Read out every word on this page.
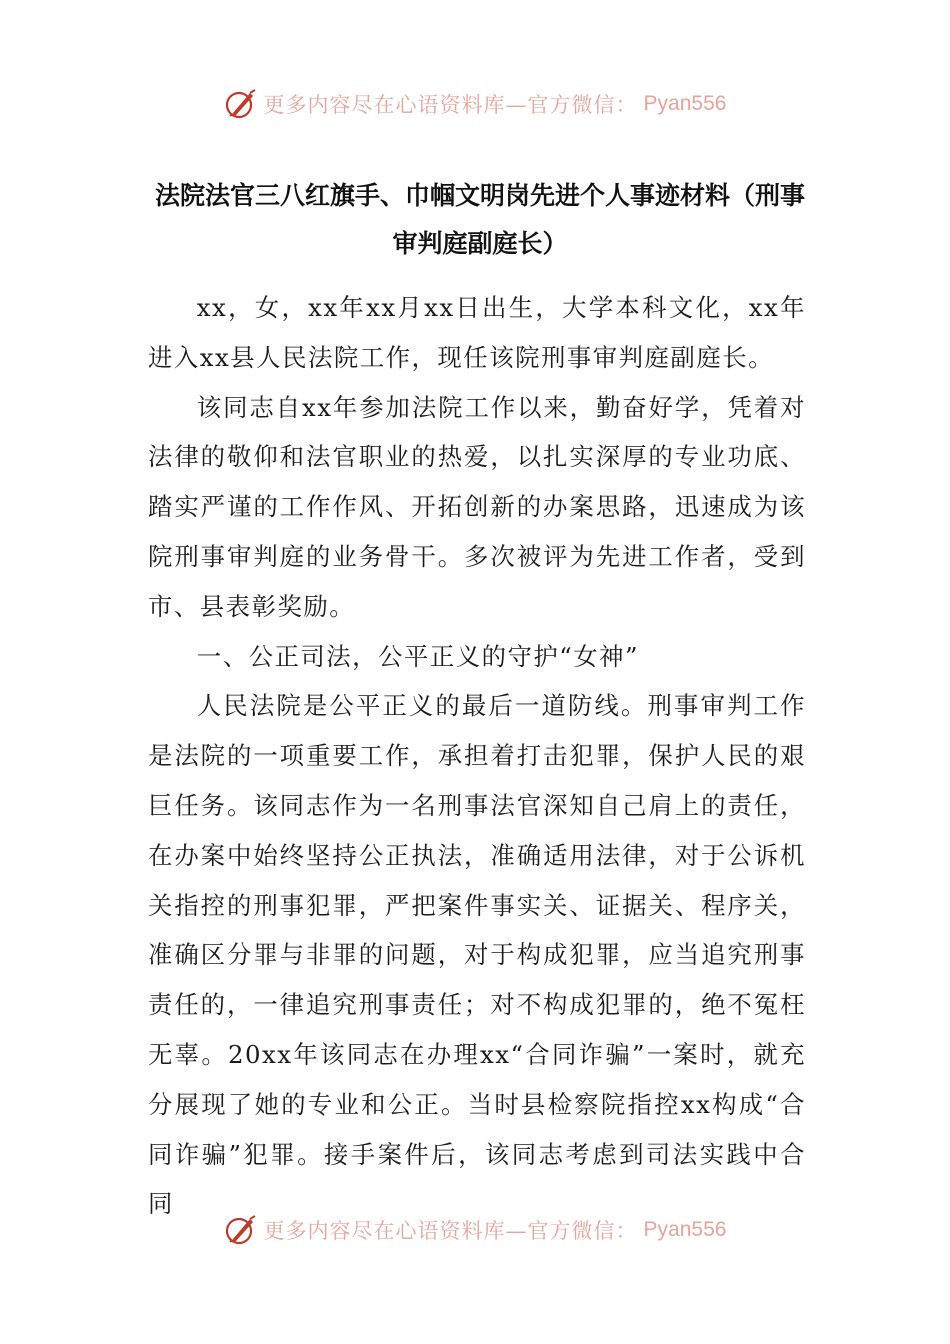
更多内容尽在心语资料库—官方微信： Pyan556
法院法官三八红旗手、巾帼文明岗先进个人事迹材料（刑事审判庭副庭长）

xx，女，xx年xx月xx日出生，大学本科文化，xx年进入xx县人民法院工作，现任该院刑事审判庭副庭长。

该同志自xx年参加法院工作以来，勤奋好学，凭着对法律的敬仰和法官职业的热爱，以扎实深厚的专业功底、踏实严谨的工作作风、开拓创新的办案思路，迅速成为该院刑事审判庭的业务骨干。多次被评为先进工作者，受到市、县表彰奖励。

一、公正司法，公平正义的守护“女神”

人民法院是公平正义的最后一道防线。刑事审判工作是法院的一项重要工作，承担着打击犯罪，保护人民的艰巨任务。该同志作为一名刑事法官深知自己肩上的责任，在办案中始终坚持公正执法，准确适用法律，对于公诉机关指控的刑事犯罪，严把案件事实关、证据关、程序关，准确区分罪与非罪的问题，对于构成犯罪，应当追究刑事责任的，一律追究刑事责任；对不构成犯罪的，绝不冤枉无辜。20xx年该同志在办理xx“合同诈骗”一案时，就充分展现了她的专业和公正。当时县检察院指控xx构成“合同诈骗”犯罪。接手案件后，该同志考虑到司法实践中合同

更多内容尽在心语资料库—官方微信： Pyan556
